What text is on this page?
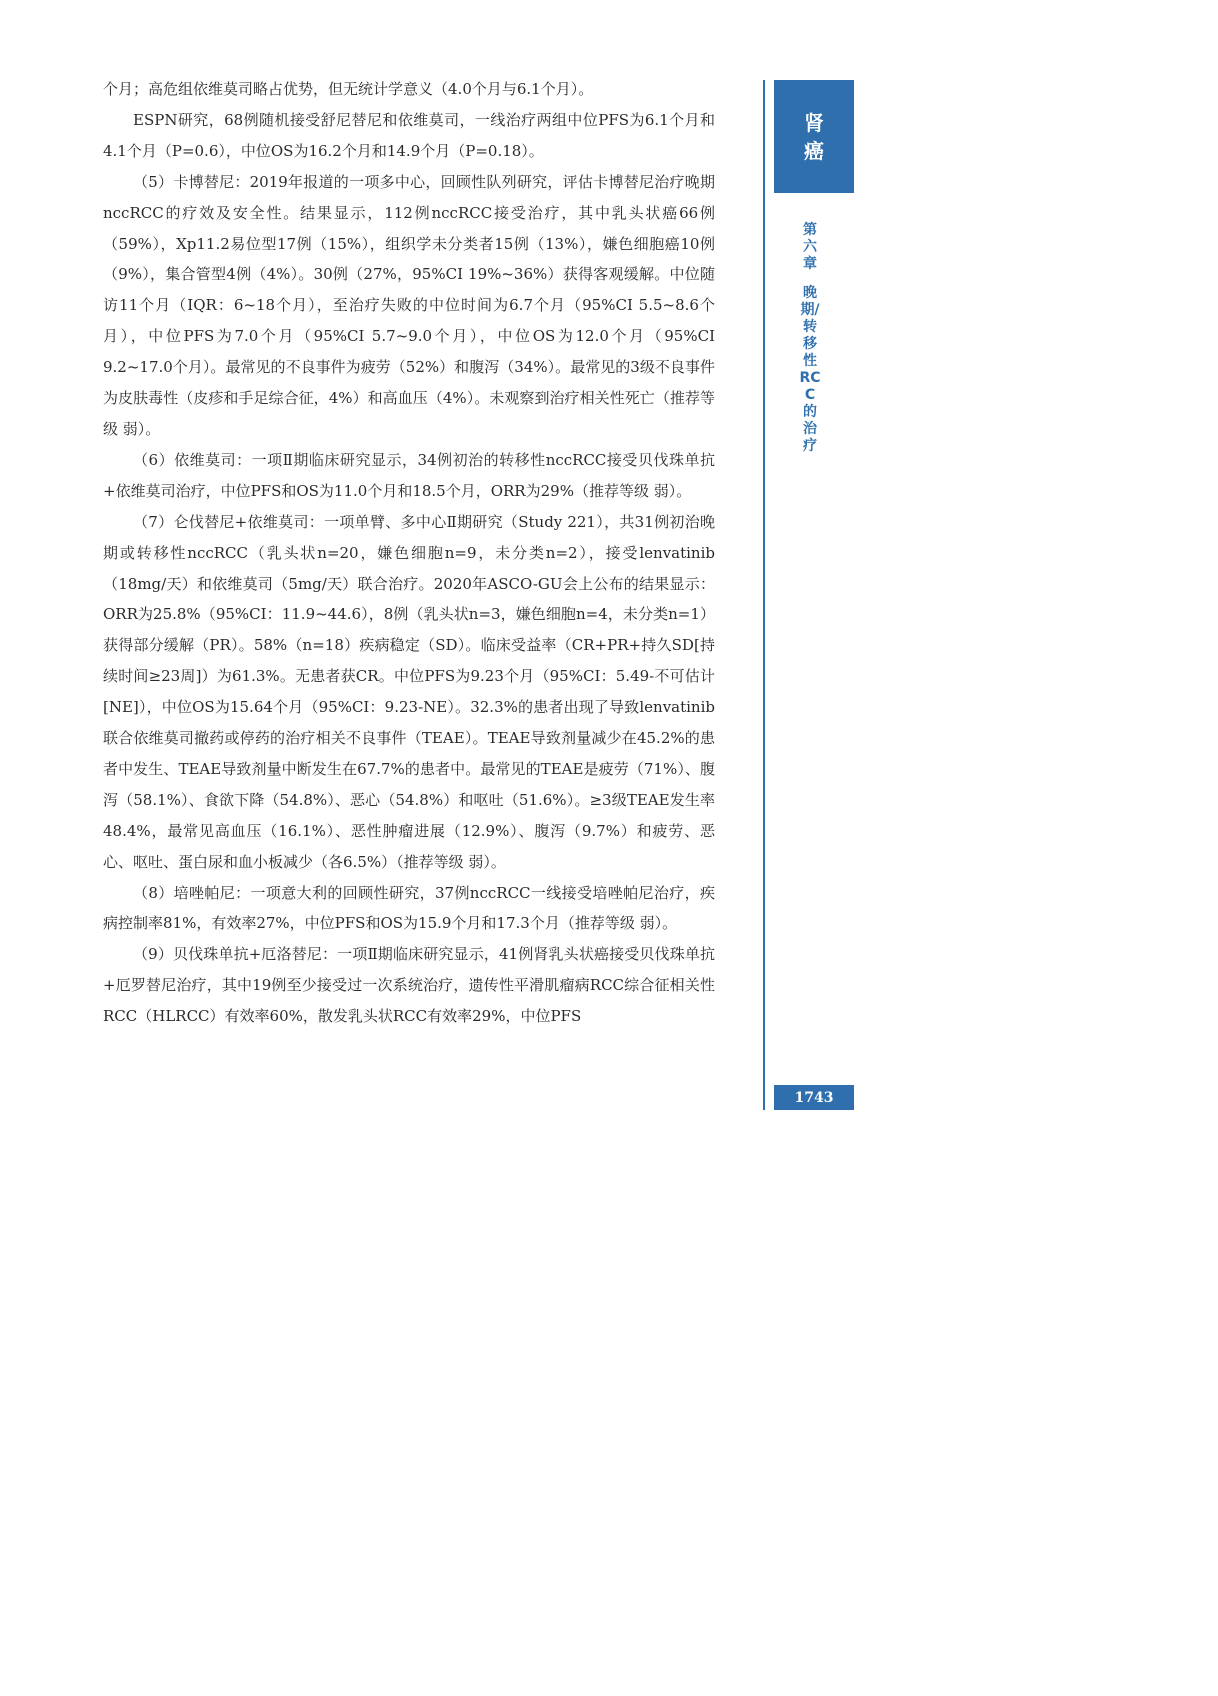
个月；高危组依维莫司略占优势，但无统计学意义（4.0个月与6.1个月）。

ESPN研究，68例随机接受舒尼替尼和依维莫司，一线治疗两组中位PFS为6.1个月和4.1个月（P=0.6），中位OS为16.2个月和14.9个月（P=0.18）。

（5）卡博替尼：2019年报道的一项多中心，回顾性队列研究，评估卡博替尼治疗晚期nccRCC的疗效及安全性。结果显示，112例nccRCC接受治疗，其中乳头状癌66例（59%），Xp11.2易位型17例（15%），组织学未分类者15例（13%），嫌色细胞癌10例（9%），集合管型4例（4%）。30例（27%，95%CI 19%~36%）获得客观缓解。中位随访11个月（IQR：6~18个月），至治疗失败的中位时间为6.7个月（95%CI 5.5~8.6个月），中位PFS为7.0个月（95%CI 5.7~9.0个月），中位OS为12.0个月（95%CI 9.2~17.0个月）。最常见的不良事件为疲劳（52%）和腹泻（34%）。最常见的3级不良事件为皮肤毒性（皮疹和手足综合征，4%）和高血压（4%）。未观察到治疗相关性死亡（推荐等级 弱）。

（6）依维莫司：一项Ⅱ期临床研究显示，34例初治的转移性nccRCC接受贝伐珠单抗+依维莫司治疗，中位PFS和OS为11.0个月和18.5个月，ORR为29%（推荐等级 弱）。

（7）仑伐替尼+依维莫司：一项单臂、多中心Ⅱ期研究（Study 221），共31例初治晚期或转移性nccRCC（乳头状n=20，嫌色细胞n=9，未分类n=2），接受lenvatinib（18mg/天）和依维莫司（5mg/天）联合治疗。2020年ASCO-GU会上公布的结果显示：ORR为25.8%（95%CI：11.9~44.6），8例（乳头状n=3，嫌色细胞n=4，未分类n=1）获得部分缓解（PR）。58%（n=18）疾病稳定（SD）。临床受益率（CR+PR+持久SD[持续时间≥23周]）为61.3%。无患者获CR。中位PFS为9.23个月（95%CI：5.49-不可估计[NE]），中位OS为15.64个月（95%CI：9.23-NE）。32.3%的患者出现了导致lenvatinib联合依维莫司撤药或停药的治疗相关不良事件（TEAE）。TEAE导致剂量减少在45.2%的患者中发生、TEAE导致剂量中断发生在67.7%的患者中。最常见的TEAE是疲劳（71%）、腹泻（58.1%）、食欲下降（54.8%）、恶心（54.8%）和呕吐（51.6%）。≥3级TEAE发生率48.4%，最常见高血压（16.1%）、恶性肿瘤进展（12.9%）、腹泻（9.7%）和疲劳、恶心、呕吐、蛋白尿和血小板减少（各6.5%）（推荐等级 弱）。

（8）培唑帕尼：一项意大利的回顾性研究，37例nccRCC一线接受培唑帕尼治疗，疾病控制率81%，有效率27%，中位PFS和OS为15.9个月和17.3个月（推荐等级 弱）。

（9）贝伐珠单抗+厄洛替尼：一项Ⅱ期临床研究显示，41例肾乳头状癌接受贝伐珠单抗+厄罗替尼治疗，其中19例至少接受过一次系统治疗，遗传性平滑肌瘤病RCC综合征相关性RCC（HLRCC）有效率60%，散发乳头状RCC有效率29%，中位PFS

肾
癌
第六章
晚期/转移性RCC的治疗
1743
